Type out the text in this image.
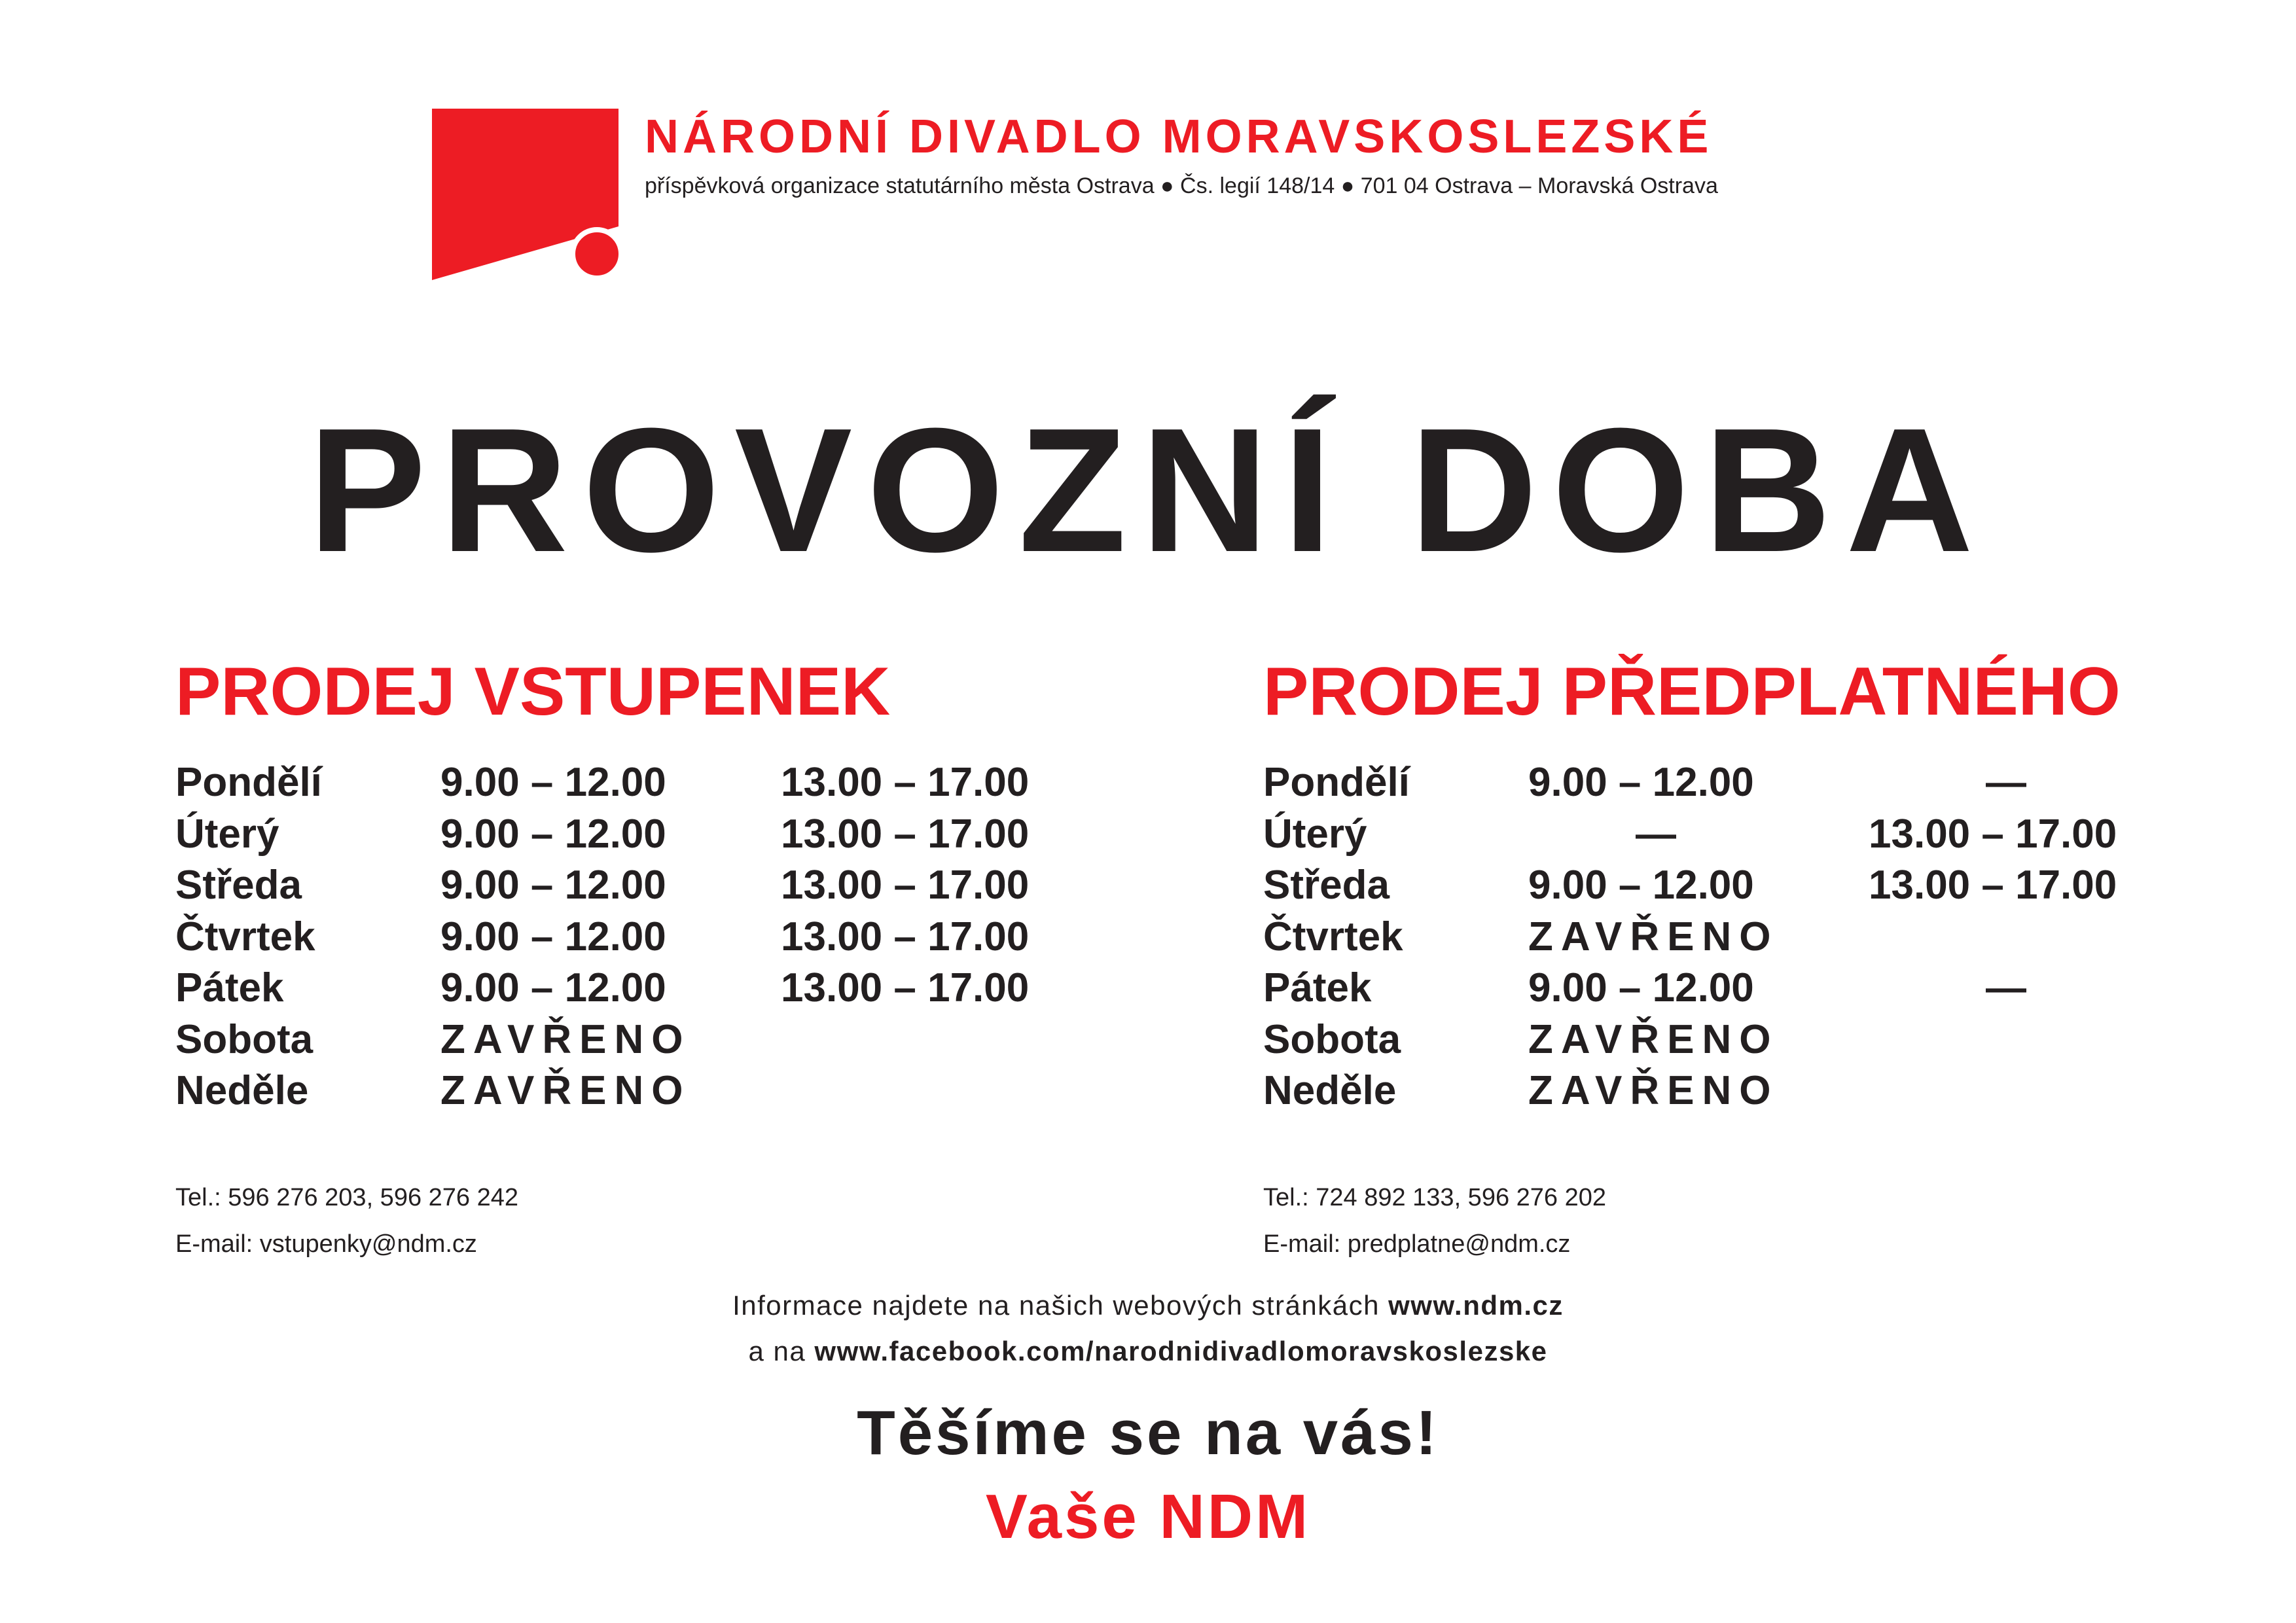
NÁRODNÍ DIVADLO MORAVSKOSLEZSKÉ
příspěvková organizace statutárního města Ostrava ● Čs. legií 148/14 ● 701 04 Ostrava – Moravská Ostrava
PROVOZNÍ DOBA
PRODEJ VSTUPENEK
Pondělí	9.00 – 12.00	13.00 – 17.00
Úterý	9.00 – 12.00	13.00 – 17.00
Středa	9.00 – 12.00	13.00 – 17.00
Čtvrtek	9.00 – 12.00	13.00 – 17.00
Pátek	9.00 – 12.00	13.00 – 17.00
Sobota	ZAVŘENO
Neděle	ZAVŘENO
Tel.: 596 276 203, 596 276 242
E-mail: vstupenky@ndm.cz
PRODEJ PŘEDPLATNÉHO
Pondělí	9.00 – 12.00	—
Úterý	—	13.00 – 17.00
Středa	9.00 – 12.00	13.00 – 17.00
Čtvrtek	ZAVŘENO
Pátek	9.00 – 12.00	—
Sobota	ZAVŘENO
Neděle	ZAVŘENO
Tel.: 724 892 133, 596 276 202
E-mail: predplatne@ndm.cz
Informace najdete na našich webových stránkách www.ndm.cz
a na www.facebook.com/narodnidivadlomoravskoslezske
Těšíme se na vás!
Vaše NDM
